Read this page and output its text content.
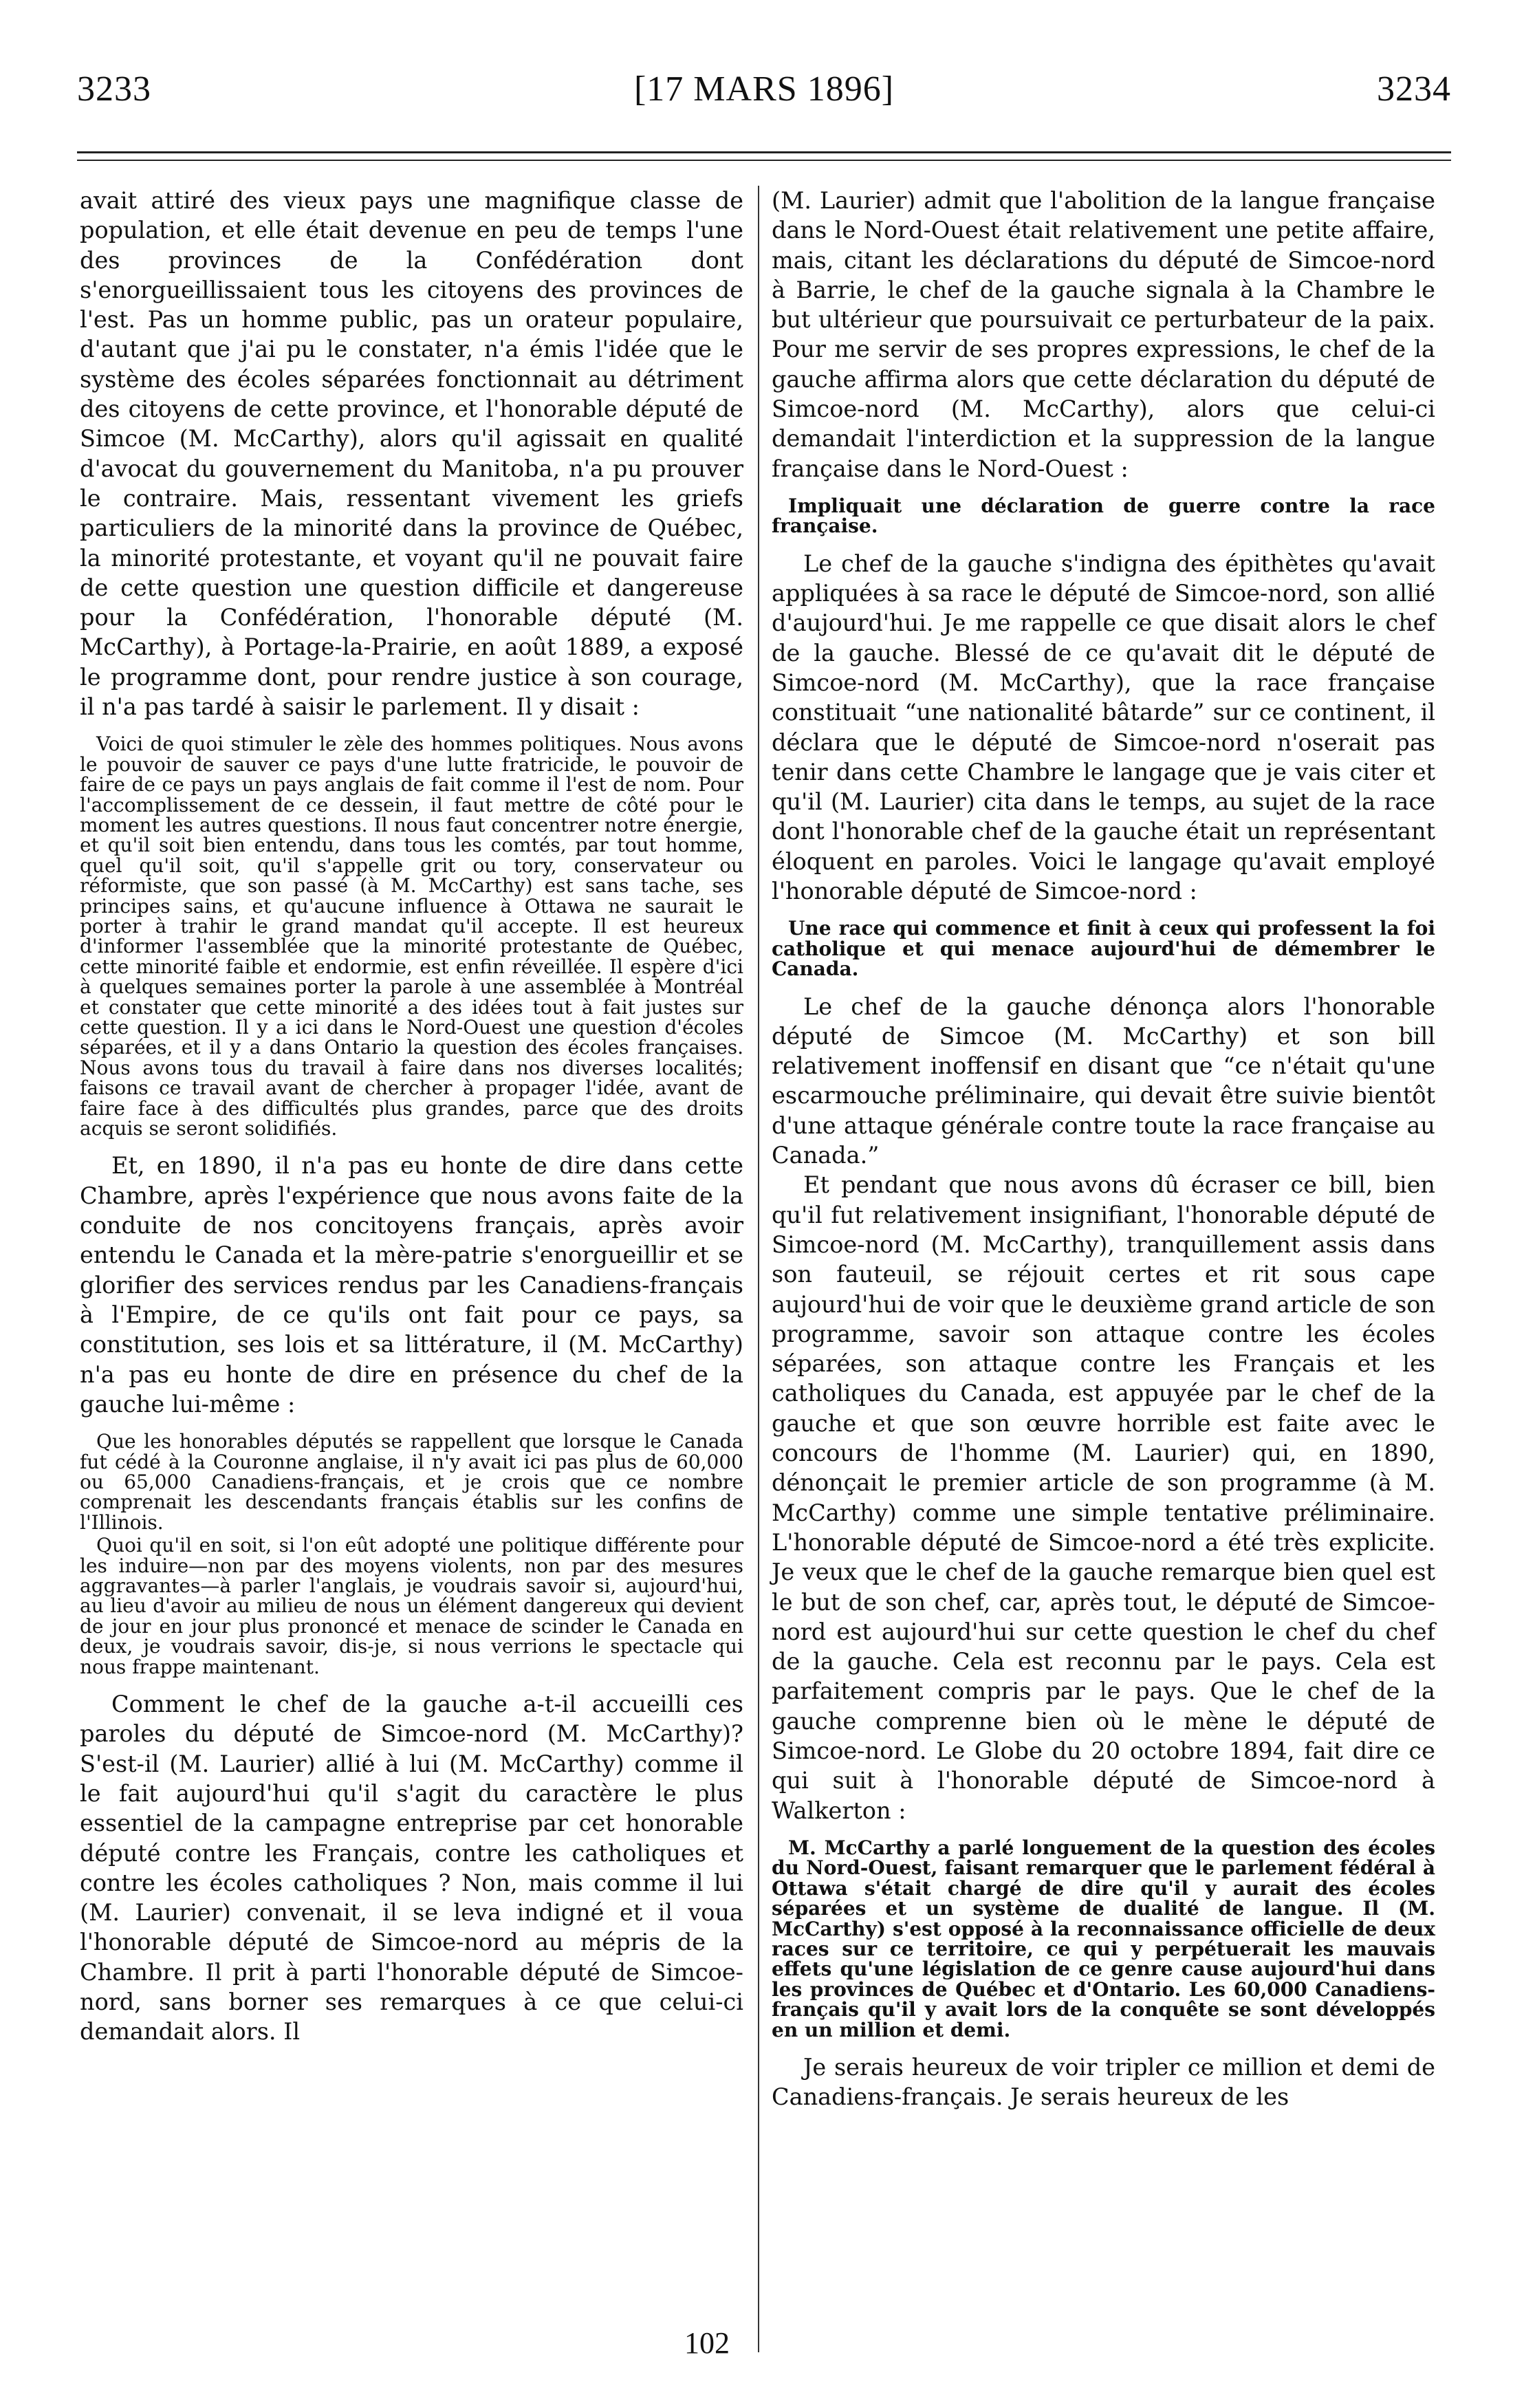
3233	[17 MARS 1896]	3234

avait attiré des vieux pays une magnifique classe de population, et elle était devenue en peu de temps l'une des provinces de la Confédération dont s'enorgueillissaient tous les citoyens des provinces de l'est. Pas un homme public, pas un orateur populaire, d'autant que j'ai pu le constater, n'a émis l'idée que le système des écoles séparées fonctionnait au détriment des citoyens de cette province, et l'honorable député de Simcoe (M. McCarthy), alors qu'il agissait en qualité d'avocat du gouvernement du Manitoba, n'a pu prouver le contraire. Mais, ressentant vivement les griefs particuliers de la minorité dans la province de Québec, la minorité protestante, et voyant qu'il ne pouvait faire de cette question une question difficile et dangereuse pour la Confédération, l'honorable député (M. McCarthy), à Portage-la-Prairie, en août 1889, a exposé le programme dont, pour rendre justice à son courage, il n'a pas tardé à saisir le parlement. Il y disait :

Voici de quoi stimuler le zèle des hommes politiques. Nous avons le pouvoir de sauver ce pays d'une lutte fratricide, le pouvoir de faire de ce pays un pays anglais de fait comme il l'est de nom. Pour l'accomplissement de ce dessein, il faut mettre de côté pour le moment les autres questions. Il nous faut concentrer notre énergie, et qu'il soit bien entendu, dans tous les comtés, par tout homme, quel qu'il soit, qu'il s'appelle grit ou tory, conservateur ou réformiste, que son passé (à M. McCarthy) est sans tache, ses principes sains, et qu'aucune influence à Ottawa ne saurait le porter à trahir le grand mandat qu'il accepte. Il est heureux d'informer l'assemblée que la minorité protestante de Québec, cette minorité faible et endormie, est enfin réveillée. Il espère d'ici à quelques semaines porter la parole à une assemblée à Montréal et constater que cette minorité a des idées tout à fait justes sur cette question. Il y a ici dans le Nord-Ouest une question d'écoles séparées, et il y a dans Ontario la question des écoles françaises. Nous avons tous du travail à faire dans nos diverses localités; faisons ce travail avant de chercher à propager l'idée, avant de faire face à des difficultés plus grandes, parce que des droits acquis se seront solidifiés.

Et, en 1890, il n'a pas eu honte de dire dans cette Chambre, après l'expérience que nous avons faite de la conduite de nos concitoyens français, après avoir entendu le Canada et la mère-patrie s'enorgueillir et se glorifier des services rendus par les Canadiens-français à l'Empire, de ce qu'ils ont fait pour ce pays, sa constitution, ses lois et sa littérature, il (M. McCarthy) n'a pas eu honte de dire en présence du chef de la gauche lui-même :

Que les honorables députés se rappellent que lorsque le Canada fut cédé à la Couronne anglaise, il n'y avait ici pas plus de 60,000 ou 65,000 Canadiens-français, et je crois que ce nombre comprenait les descendants français établis sur les confins de l'Illinois.

Quoi qu'il en soit, si l'on eût adopté une politique différente pour les induire—non par des moyens violents, non par des mesures aggravantes—à parler l'anglais, je voudrais savoir si, aujourd'hui, au lieu d'avoir au milieu de nous un élément dangereux qui devient de jour en jour plus prononcé et menace de scinder le Canada en deux, je voudrais savoir, dis-je, si nous verrions le spectacle qui nous frappe maintenant.

Comment le chef de la gauche a-t-il accueilli ces paroles du député de Simcoe-nord (M. McCarthy)? S'est-il (M. Laurier) allié à lui (M. McCarthy) comme il le fait aujourd'hui qu'il s'agit du caractère le plus essentiel de la campagne entreprise par cet honorable député contre les Français, contre les catholiques et contre les écoles catholiques ? Non, mais comme il lui (M. Laurier) convenait, il se leva indigné et il voua l'honorable député de Simcoe-nord au mépris de la Chambre. Il prit à parti l'honorable député de Simcoe-nord, sans borner ses remarques à ce que celui-ci demandait alors. Il

(M. Laurier) admit que l'abolition de la langue française dans le Nord-Ouest était relativement une petite affaire, mais, citant les déclarations du député de Simcoe-nord à Barrie, le chef de la gauche signala à la Chambre le but ultérieur que poursuivait ce perturbateur de la paix. Pour me servir de ses propres expressions, le chef de la gauche affirma alors que cette déclaration du député de Simcoe-nord (M. McCarthy), alors que celui-ci demandait l'interdiction et la suppression de la langue française dans le Nord-Ouest :

Impliquait une déclaration de guerre contre la race française.

Le chef de la gauche s'indigna des épithètes qu'avait appliquées à sa race le député de Simcoe-nord, son allié d'aujourd'hui. Je me rappelle ce que disait alors le chef de la gauche. Blessé de ce qu'avait dit le député de Simcoe-nord (M. McCarthy), que la race française constituait “une nationalité bâtarde” sur ce continent, il déclara que le député de Simcoe-nord n'oserait pas tenir dans cette Chambre le langage que je vais citer et qu'il (M. Laurier) cita dans le temps, au sujet de la race dont l'honorable chef de la gauche était un représentant éloquent en paroles. Voici le langage qu'avait employé l'honorable député de Simcoe-nord :

Une race qui commence et finit à ceux qui professent la foi catholique et qui menace aujourd'hui de démembrer le Canada.

Le chef de la gauche dénonça alors l'honorable député de Simcoe (M. McCarthy) et son bill relativement inoffensif en disant que “ce n'était qu'une escarmouche préliminaire, qui devait être suivie bientôt d'une attaque générale contre toute la race française au Canada.”

Et pendant que nous avons dû écraser ce bill, bien qu'il fut relativement insignifiant, l'honorable député de Simcoe-nord (M. McCarthy), tranquillement assis dans son fauteuil, se réjouit certes et rit sous cape aujourd'hui de voir que le deuxième grand article de son programme, savoir son attaque contre les écoles séparées, son attaque contre les Français et les catholiques du Canada, est appuyée par le chef de la gauche et que son œuvre horrible est faite avec le concours de l'homme (M. Laurier) qui, en 1890, dénonçait le premier article de son programme (à M. McCarthy) comme une simple tentative préliminaire. L'honorable député de Simcoe-nord a été très explicite. Je veux que le chef de la gauche remarque bien quel est le but de son chef, car, après tout, le député de Simcoe-nord est aujourd'hui sur cette question le chef du chef de la gauche. Cela est reconnu par le pays. Cela est parfaitement compris par le pays. Que le chef de la gauche comprenne bien où le mène le député de Simcoe-nord. Le Globe du 20 octobre 1894, fait dire ce qui suit à l'honorable député de Simcoe-nord à Walkerton :

M. McCarthy a parlé longuement de la question des écoles du Nord-Ouest, faisant remarquer que le parlement fédéral à Ottawa s'était chargé de dire qu'il y aurait des écoles séparées et un système de dualité de langue. Il (M. McCarthy) s'est opposé à la reconnaissance officielle de deux races sur ce territoire, ce qui y perpétuerait les mauvais effets qu'une législation de ce genre cause aujourd'hui dans les provinces de Québec et d'Ontario. Les 60,000 Canadiens-français qu'il y avait lors de la conquête se sont développés en un million et demi.

Je serais heureux de voir tripler ce million et demi de Canadiens-français. Je serais heureux de les

102
